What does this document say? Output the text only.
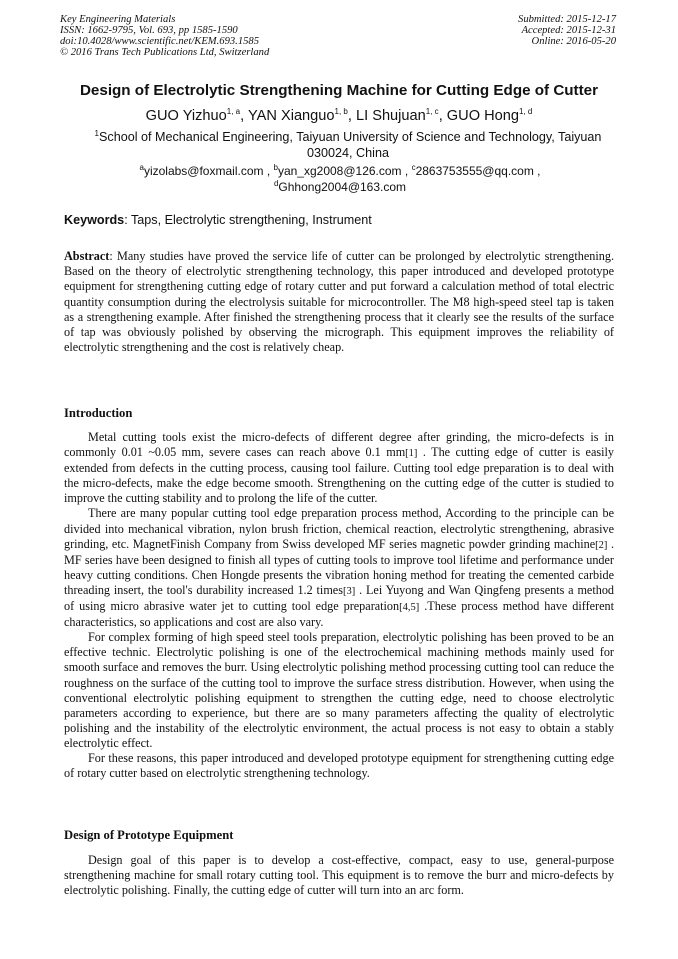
Key Engineering Materials
ISSN: 1662-9795, Vol. 693, pp 1585-1590
doi:10.4028/www.scientific.net/KEM.693.1585
© 2016 Trans Tech Publications Ltd, Switzerland
Submitted: 2015-12-17
Accepted: 2015-12-31
Online: 2016-05-20
Design of Electrolytic Strengthening Machine for Cutting Edge of Cutter
GUO Yizhuo$^{1, a}$, YAN Xianguo$^{1, b}$, LI Shujuan$^{1, c}$, GUO Hong$^{1, d}$
$^1$School of Mechanical Engineering, Taiyuan University of Science and Technology, Taiyuan 030024, China
$^a$yizolabs@foxmail.com , $^b$yan_xg2008@126.com , $^c$2863753555@qq.com ,
$^d$Ghhong2004@163.com
Keywords: Taps, Electrolytic strengthening, Instrument
Abstract: Many studies have proved the service life of cutter can be prolonged by electrolytic strengthening. Based on the theory of electrolytic strengthening technology, this paper introduced and developed prototype equipment for strengthening cutting edge of rotary cutter and put forward a calculation method of total electric quantity consumption during the electrolysis suitable for microcontroller. The M8 high-speed steel tap is taken as a strengthening example. After finished the strengthening process that it clearly see the results of the surface of tap was obviously polished by observing the micrograph. This equipment improves the reliability of electrolytic strengthening and the cost is relatively cheap.
Introduction

Metal cutting tools exist the micro-defects of different degree after grinding, the micro-defects is in commonly 0.01 ~0.05 mm, severe cases can reach above 0.1 mm[1] . The cutting edge of cutter is easily extended from defects in the cutting process, causing tool failure. Cutting tool edge preparation is to deal with the micro-defects, make the edge become smooth. Strengthening on the cutting edge of the cutter is studied to improve the cutting stability and to prolong the life of the cutter.

There are many popular cutting tool edge preparation process method, According to the principle can be divided into mechanical vibration, nylon brush friction, chemical reaction, electrolytic strengthening, abrasive grinding, etc. MagnetFinish Company from Swiss developed MF series magnetic powder grinding machine[2] . MF series have been designed to finish all types of cutting tools to improve tool lifetime and performance under heavy cutting conditions. Chen Hongde presents the vibration honing method for treating the cemented carbide threading insert, the tool's durability increased 1.2 times[3] . Lei Yuyong and Wan Qingfeng presents a method of using micro abrasive water jet to cutting tool edge preparation[4,5] .These process method have different characteristics, so applications and cost are also vary.

For complex forming of high speed steel tools preparation, electrolytic polishing has been proved to be an effective technic. Electrolytic polishing is one of the electrochemical machining methods mainly used for smooth surface and removes the burr. Using electrolytic polishing method processing cutting tool can reduce the roughness on the surface of the cutting tool to improve the surface stress distribution. However, when using the conventional electrolytic polishing equipment to strengthen the cutting edge, need to choose electrolytic parameters according to experience, but there are so many parameters affecting the quality of electrolytic polishing and the instability of the electrolytic environment, the actual process is not easy to obtain a stably electrolytic effect.

For these reasons, this paper introduced and developed prototype equipment for strengthening cutting edge of rotary cutter based on electrolytic strengthening technology.

Design of Prototype Equipment

Design goal of this paper is to develop a cost-effective, compact, easy to use, general-purpose strengthening machine for small rotary cutting tool. This equipment is to remove the burr and micro-defects by electrolytic polishing. Finally, the cutting edge of cutter will turn into an arc form.
